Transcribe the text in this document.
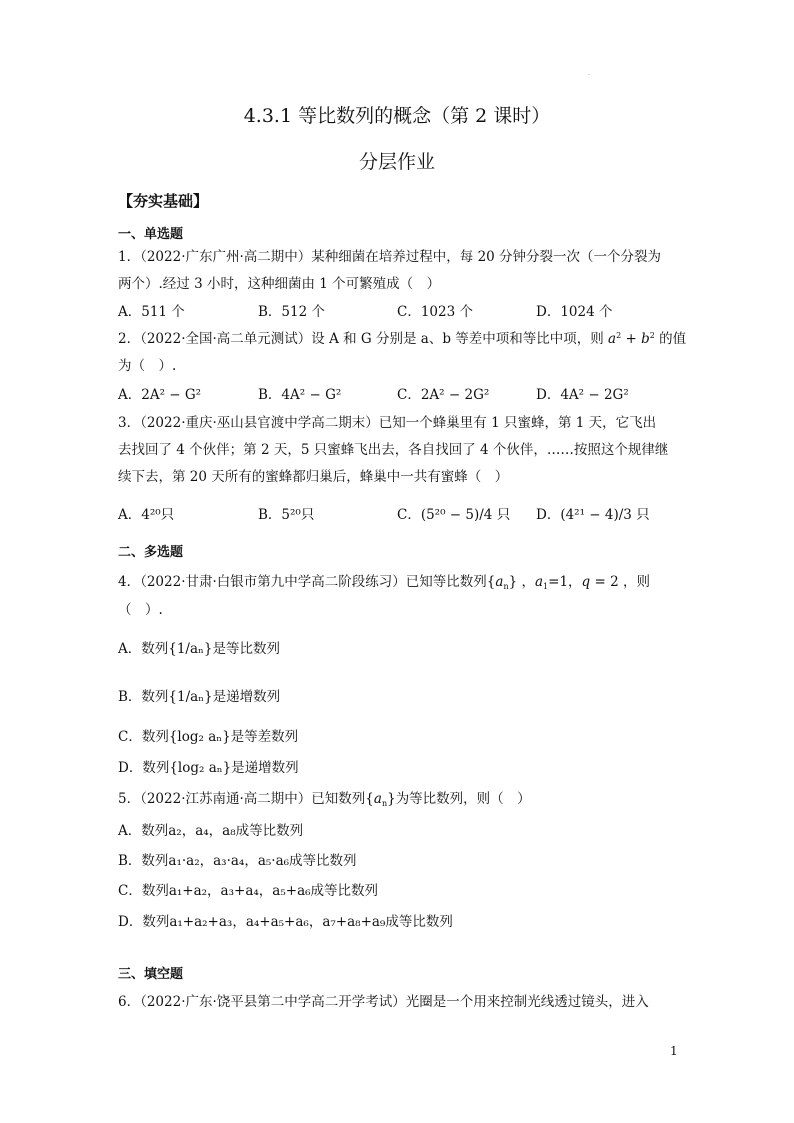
·
4.3.1 等比数列的概念（第 2 课时）
分层作业
【夯实基础】
一、单选题
1．（2022·广东广州·高二期中）某种细菌在培养过程中，每 20 分钟分裂一次（一个分裂为
两个）.经过 3 小时，这种细菌由 1 个可繁殖成（　）
A．511 个	B．512 个	C．1023 个	D．1024 个
2．（2022·全国·高二单元测试）设 A 和 G 分别是 a、b 等差中项和等比中项，则 $a^2 + b^2$ 的值
为（　）.
A．2A² − G²	B．4A² − G²	C．2A² − 2G²	D．4A² − 2G²
3．（2022·重庆·巫山县官渡中学高二期末）已知一个蜂巢里有 1 只蜜蜂，第 1 天，它飞出
去找回了 4 个伙伴；第 2 天，5 只蜜蜂飞出去，各自找回了 4 个伙伴，……按照这个规律继
续下去，第 20 天所有的蜜蜂都归巢后，蜂巢中一共有蜜蜂（　）
A．4²⁰只	B．5²⁰只	C．(5²⁰ − 5)/4 只 D．(4²¹ − 4)/3 只
二、多选题
4．（2022·甘肃·白银市第九中学高二阶段练习）已知等比数列$\{a_n\}$ ，$a_1=1$，q = 2 ，则
（　）.
A．数列{1/aₙ}是等比数列
B．数列{1/aₙ}是递增数列
C．数列{log₂ aₙ}是等差数列
D．数列{log₂ aₙ}是递增数列
5．（2022·江苏南通·高二期中）已知数列$\{a_n\}$为等比数列，则（　）
A．数列a₂，a₄，a₈成等比数列
B．数列a₁·a₂，a₃·a₄，a₅·a₆成等比数列
C．数列a₁+a₂，a₃+a₄，a₅+a₆成等比数列
D．数列a₁+a₂+a₃，a₄+a₅+a₆，a₇+a₈+a₉成等比数列
三、填空题
6．（2022·广东·饶平县第二中学高二开学考试）光圈是一个用来控制光线透过镜头，进入
1
